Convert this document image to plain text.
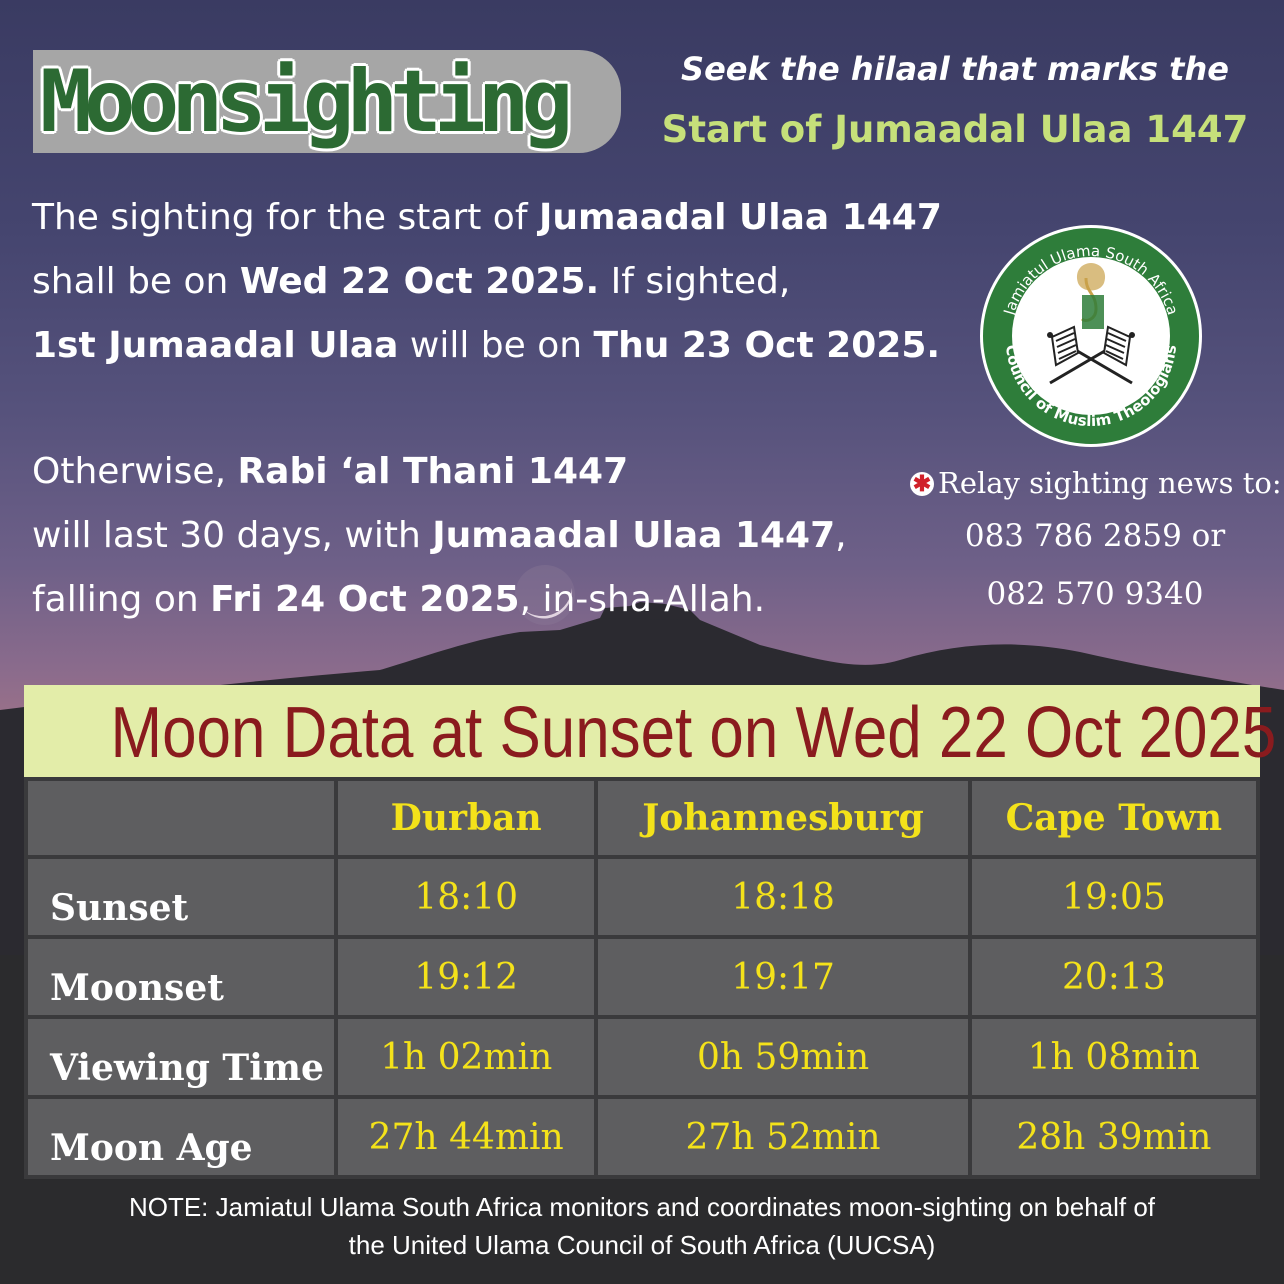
Moonsighting	Seek the hilaal that marks the
Start of Jumaadal Ulaa 1447
The sighting for the start of Jumaadal Ulaa 1447
shall be on Wed 22 Oct 2025. If sighted,
1st Jumaadal Ulaa will be on Thu 23 Oct 2025.
Otherwise, Rabi ‘al Thani 1447
will last 30 days, with Jumaadal Ulaa 1447,
falling on Fri 24 Oct 2025, in-sha-Allah.
Jamiatul Ulama South Africa
Council of Muslim Theologians
✱ Relay sighting news to:
083 786 2859 or
082 570 9340
Moon Data at Sunset on Wed 22 Oct 2025
	Durban	Johannesburg	Cape Town
Sunset	18:10	18:18	19:05
Moonset	19:12	19:17	20:13
Viewing Time	1h 02min	0h 59min	1h 08min
Moon Age	27h 44min	27h 52min	28h 39min
NOTE: Jamiatul Ulama South Africa monitors and coordinates moon-sighting on behalf of
the United Ulama Council of South Africa (UUCSA)
